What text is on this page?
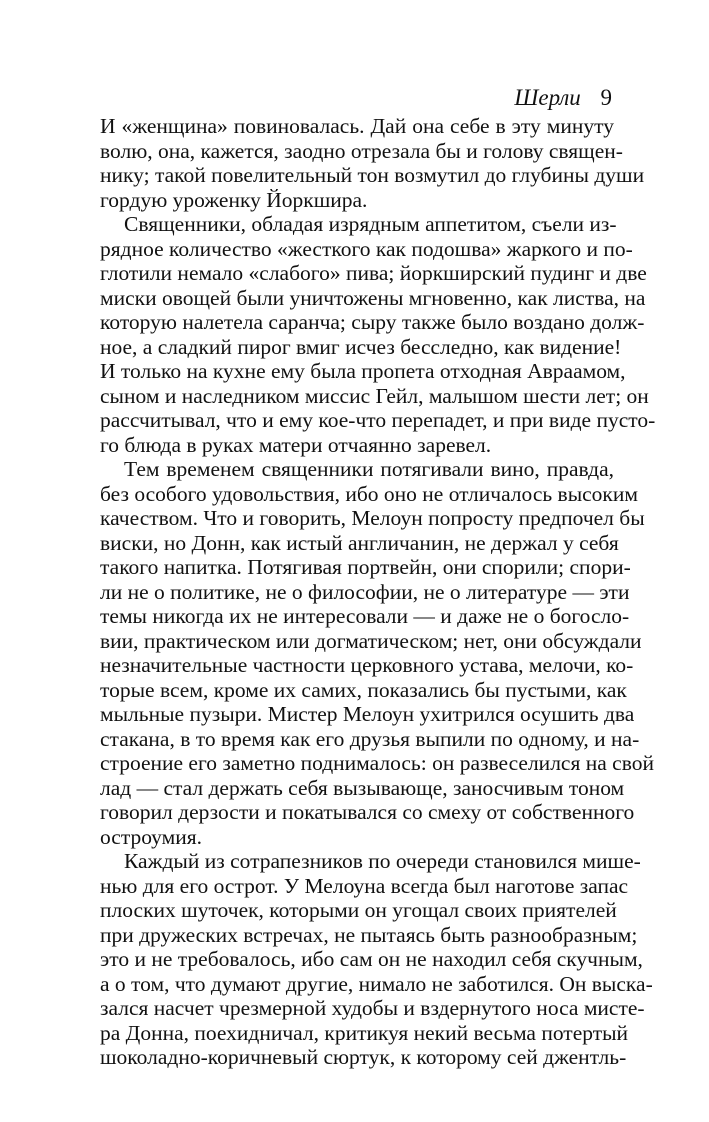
Шерли 9
И «женщина» повиновалась. Дай она себе в эту минуту
волю, она, кажется, заодно отрезала бы и голову священ-
нику; такой повелительный тон возмутил до глубины души
гордую уроженку Йоркшира.
Священники, обладая изрядным аппетитом, съели из-
рядное количество «жесткого как подошва» жаркого и по-
глотили немало «слабого» пива; йоркширский пудинг и две
миски овощей были уничтожены мгновенно, как листва, на
которую налетела саранча; сыру также было воздано долж-
ное, а сладкий пирог вмиг исчез бесследно, как видение!
И только на кухне ему была пропета отходная Авраамом,
сыном и наследником миссис Гейл, малышом шести лет; он
рассчитывал, что и ему кое-что перепадет, и при виде пусто-
го блюда в руках матери отчаянно заревел.
Тем временем священники потягивали вино, правда,
без особого удовольствия, ибо оно не отличалось высоким
качеством. Что и говорить, Мелоун попросту предпочел бы
виски, но Донн, как истый англичанин, не держал у себя
такого напитка. Потягивая портвейн, они спорили; спори-
ли не о политике, не о философии, не о литературе — эти
темы никогда их не интересовали — и даже не о богосло-
вии, практическом или догматическом; нет, они обсуждали
незначительные частности церковного устава, мелочи, ко-
торые всем, кроме их самих, показались бы пустыми, как
мыльные пузыри. Мистер Мелоун ухитрился осушить два
стакана, в то время как его друзья выпили по одному, и на-
строение его заметно поднималось: он развеселился на свой
лад — стал держать себя вызывающе, заносчивым тоном
говорил дерзости и покатывался со смеху от собственного
остроумия.
Каждый из сотрапезников по очереди становился мише-
нью для его острот. У Мелоуна всегда был наготове запас
плоских шуточек, которыми он угощал своих приятелей
при дружеских встречах, не пытаясь быть разнообразным;
это и не требовалось, ибо сам он не находил себя скучным,
а о том, что думают другие, нимало не заботился. Он выска-
зался насчет чрезмерной худобы и вздернутого носа мисте-
ра Донна, поехидничал, критикуя некий весьма потертый
шоколадно-коричневый сюртук, к которому сей джентль-
